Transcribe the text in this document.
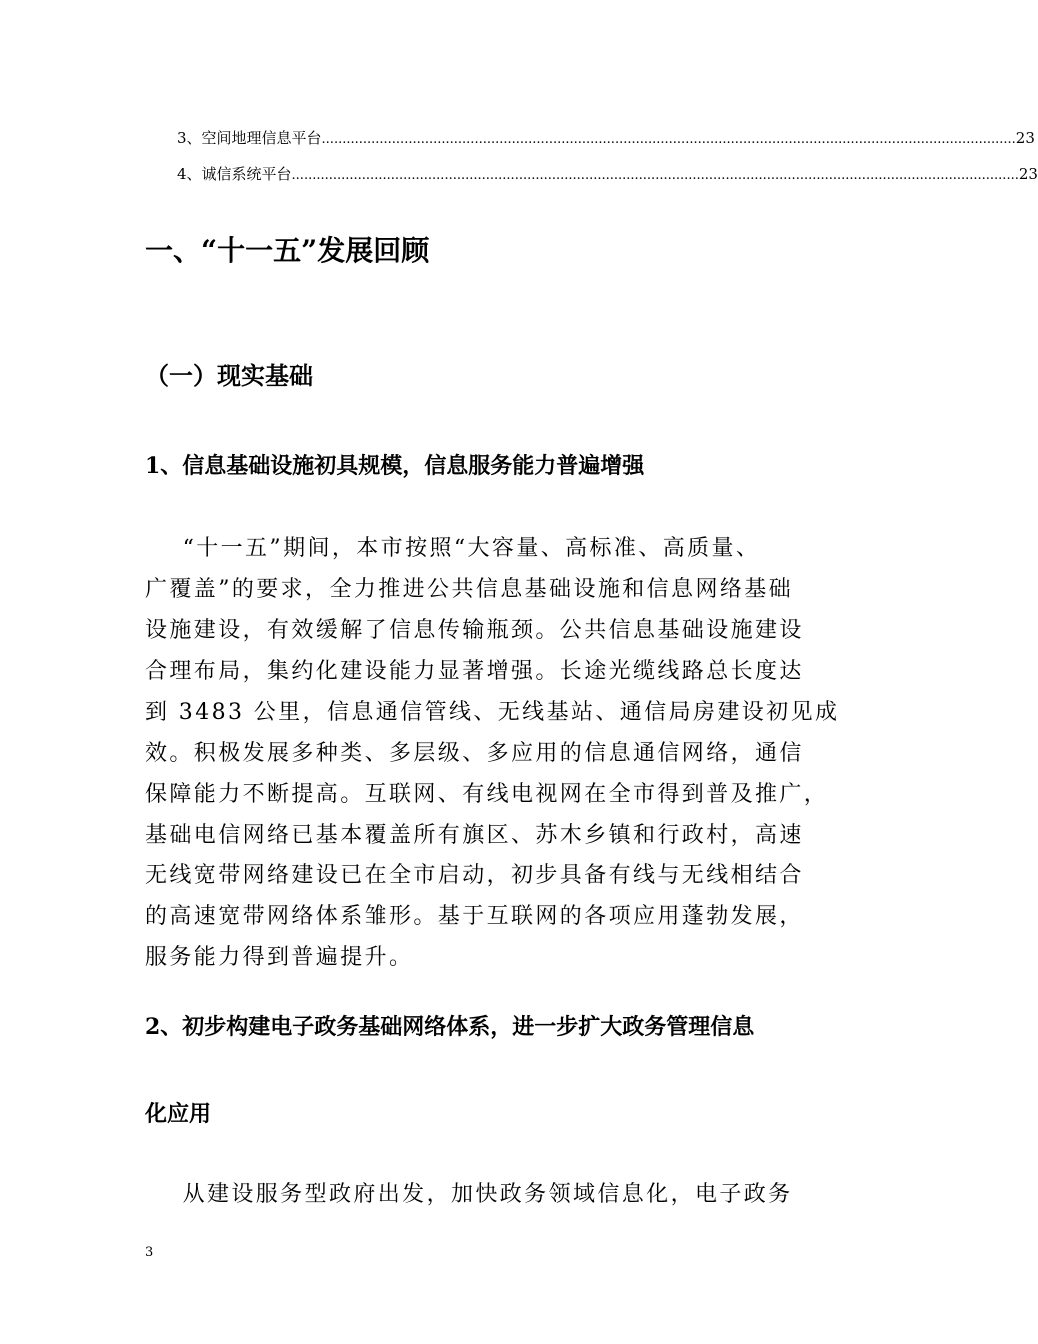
3、空间地理信息平台 ........................................................................................................................................................................ 23
4、诚信系统平台 ................................................................................................................................................................................ 23
一、“十一五”发展回顾
（一）现实基础
1、信息基础设施初具规模，信息服务能力普遍增强
“十一五”期间，本市按照“大容量、高标准、高质量、
广覆盖”的要求，全力推进公共信息基础设施和信息网络基础
设施建设，有效缓解了信息传输瓶颈。公共信息基础设施建设
合理布局，集约化建设能力显著增强。长途光缆线路总长度达
到 3483 公里，信息通信管线、无线基站、通信局房建设初见成
效。积极发展多种类、多层级、多应用的信息通信网络，通信
保障能力不断提高。互联网、有线电视网在全市得到普及推广，
基础电信网络已基本覆盖所有旗区、苏木乡镇和行政村，高速
无线宽带网络建设已在全市启动，初步具备有线与无线相结合
的高速宽带网络体系雏形。基于互联网的各项应用蓬勃发展，
服务能力得到普遍提升。
2、初步构建电子政务基础网络体系，进一步扩大政务管理信息
化应用
从建设服务型政府出发，加快政务领域信息化，电子政务
3
